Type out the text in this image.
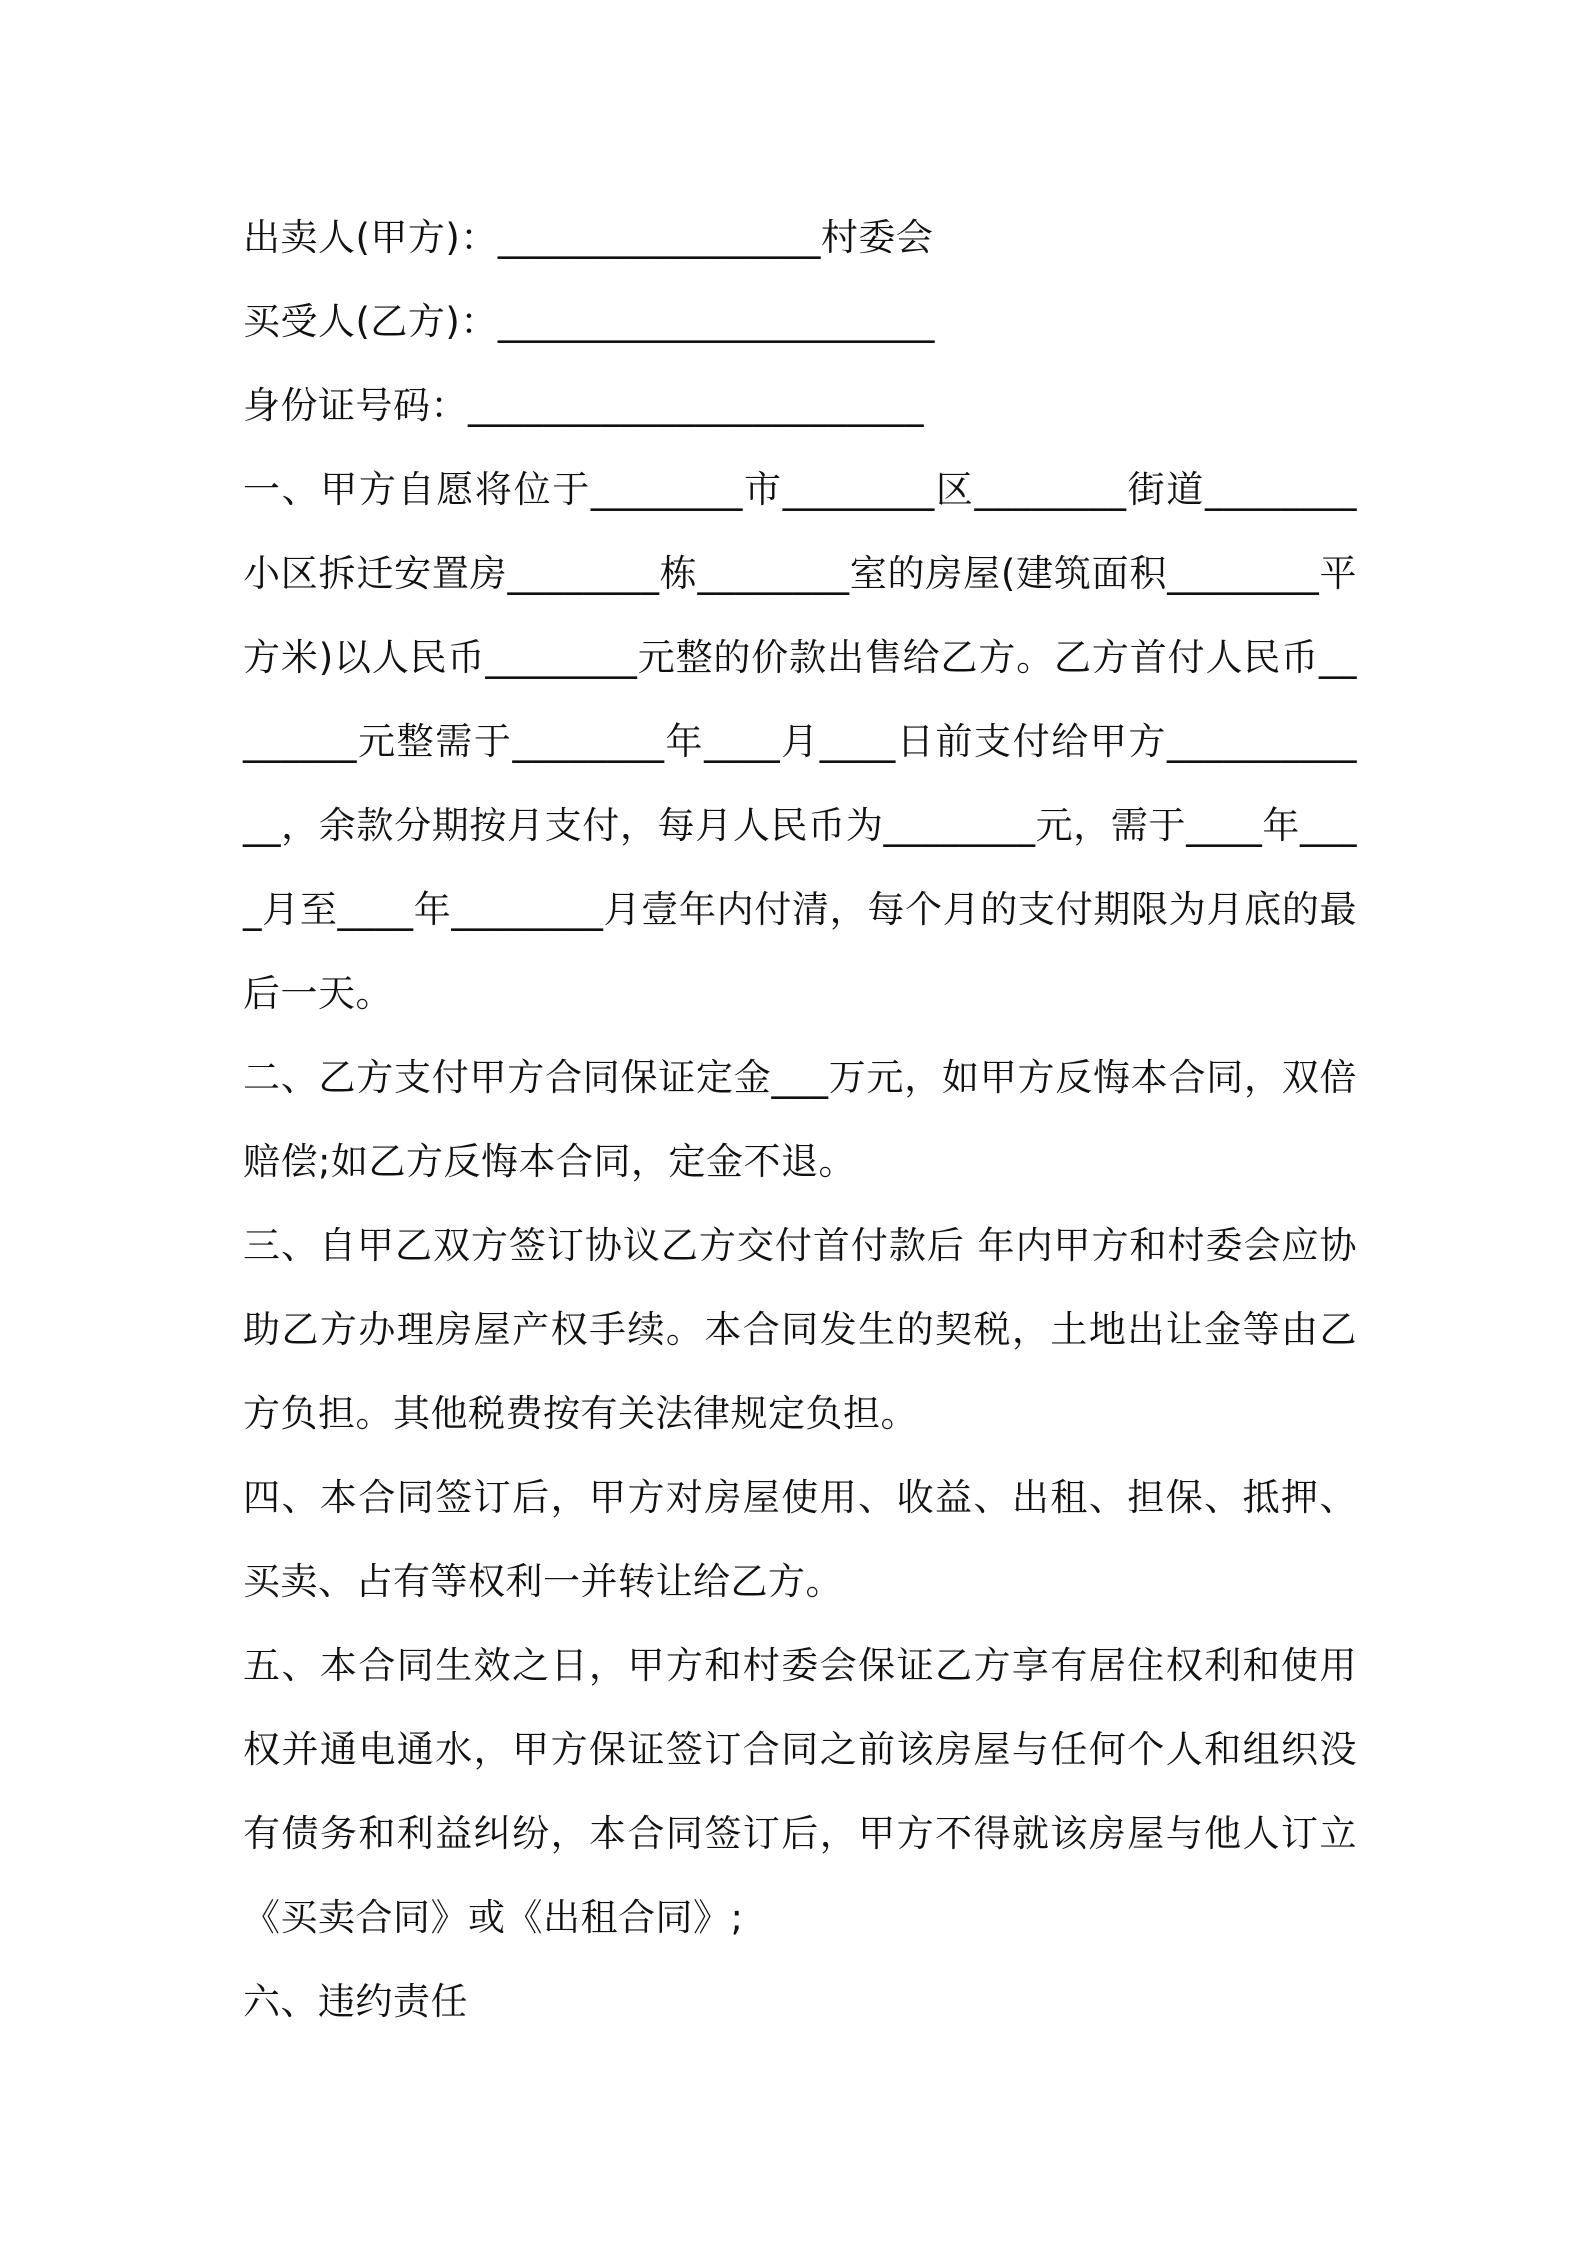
出卖人(甲方)：_________________村委会

买受人(乙方)：_______________________

身份证号码：________________________

一、甲方自愿将位于________市________区________街道________小区拆迁安置房________栋________室的房屋(建筑面积________平方米)以人民币________元整的价款出售给乙方。乙方首付人民币________元整需于________年____月____日前支付给甲方____________，余款分期按月支付，每月人民币为________元，需于____年____月至____年________月壹年内付清，每个月的支付期限为月底的最后一天。

二、乙方支付甲方合同保证定金___万元，如甲方反悔本合同，双倍赔偿;如乙方反悔本合同，定金不退。

三、自甲乙双方签订协议乙方交付首付款后 年内甲方和村委会应协助乙方办理房屋产权手续。本合同发生的契税，土地出让金等由乙方负担。其他税费按有关法律规定负担。

四、本合同签订后，甲方对房屋使用、收益、出租、担保、抵押、买卖、占有等权利一并转让给乙方。

五、本合同生效之日，甲方和村委会保证乙方享有居住权利和使用权并通电通水，甲方保证签订合同之前该房屋与任何个人和组织没有债务和利益纠纷，本合同签订后，甲方不得就该房屋与他人订立《买卖合同》或《出租合同》;

六、违约责任
